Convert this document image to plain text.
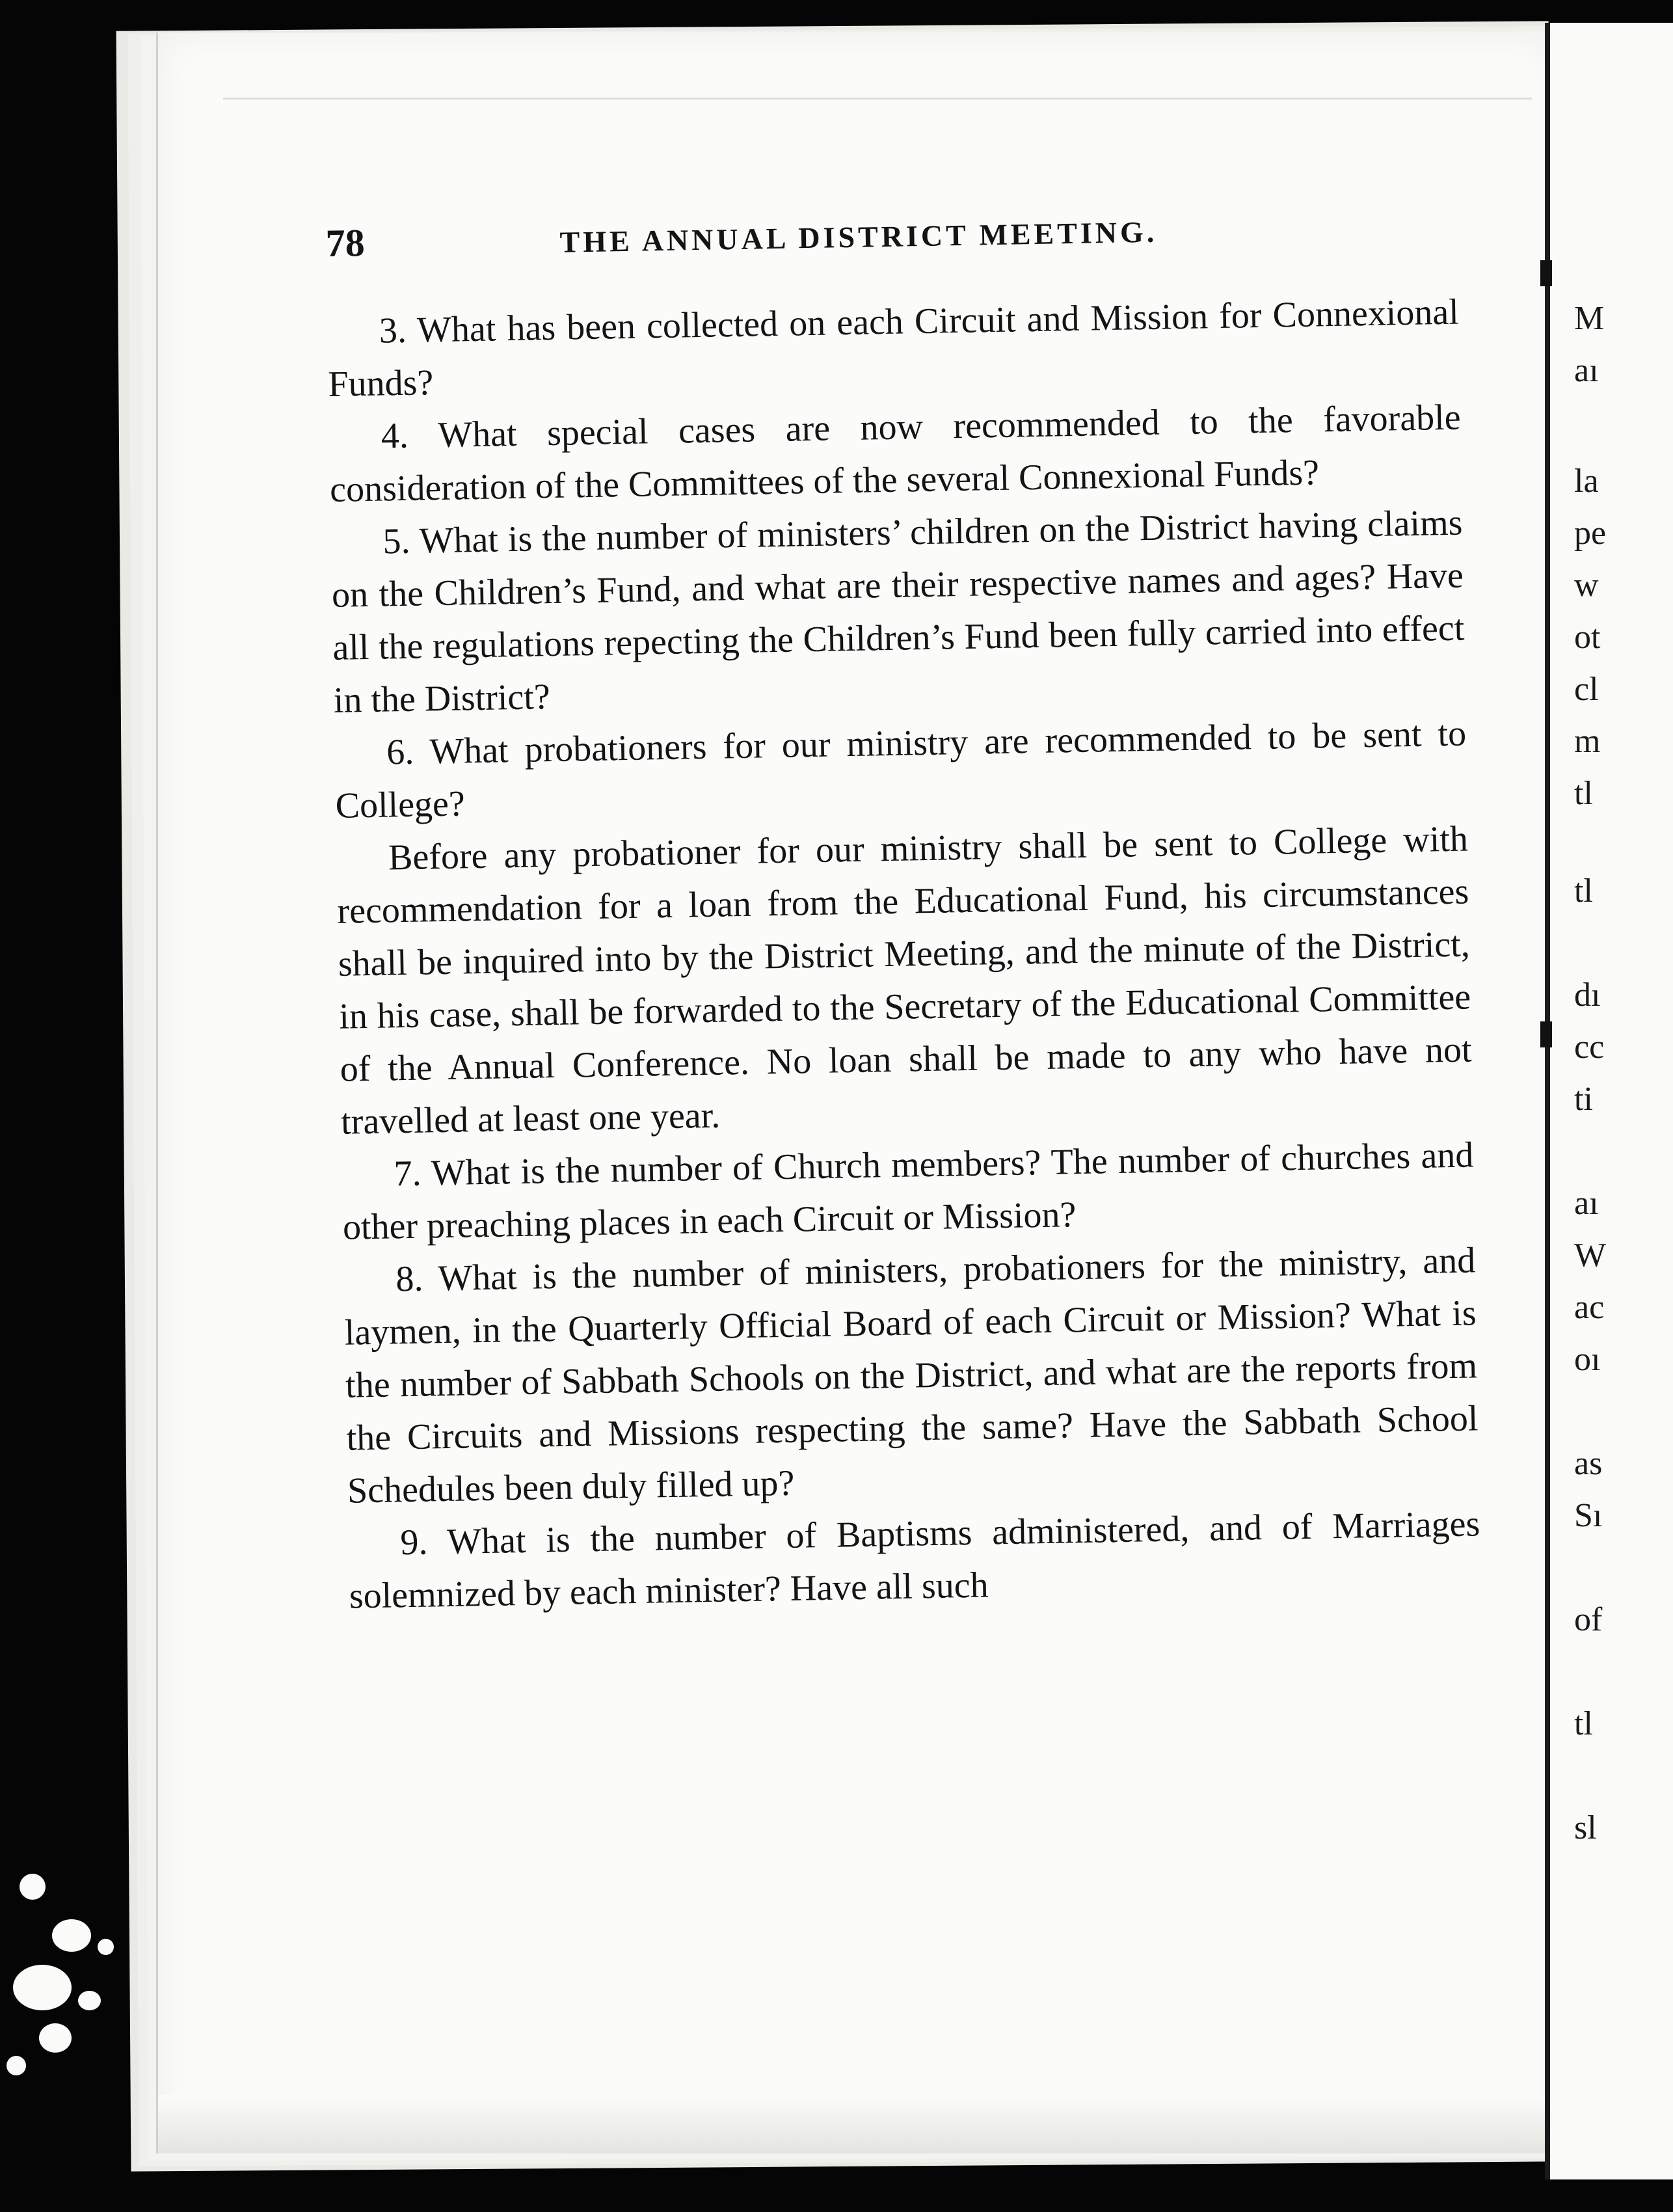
M
aı
la
pe
w
ot
cl
m
tl
tl
dı
cc
ti
aı
W
ac
oı
as
Sı
of
tl
sl
78	THE ANNUAL DISTRICT MEETING.

3. What has been collected on each Circuit and Mission for Connexional Funds?

4. What special cases are now recommended to the favorable consideration of the Committees of the several Connexional Funds?

5. What is the number of ministers’ children on the District having claims on the Children’s Fund, and what are their respective names and ages? Have all the regulations repecting the Children’s Fund been fully carried into effect in the District?

6. What probationers for our ministry are recommended to be sent to College?

Before any probationer for our ministry shall be sent to College with recommendation for a loan from the Educational Fund, his circumstances shall be inquired into by the District Meeting, and the minute of the District, in his case, shall be forwarded to the Secretary of the Educational Committee of the Annual Conference. No loan shall be made to any who have not travelled at least one year.

7. What is the number of Church members? The number of churches and other preaching places in each Circuit or Mission?

8. What is the number of ministers, probationers for the ministry, and laymen, in the Quarterly Official Board of each Circuit or Mission? What is the number of Sabbath Schools on the District, and what are the reports from the Circuits and Missions respecting the same? Have the Sabbath School Schedules been duly filled up?

9. What is the number of Baptisms administered, and of Marriages solemnized by each minister? Have all such
